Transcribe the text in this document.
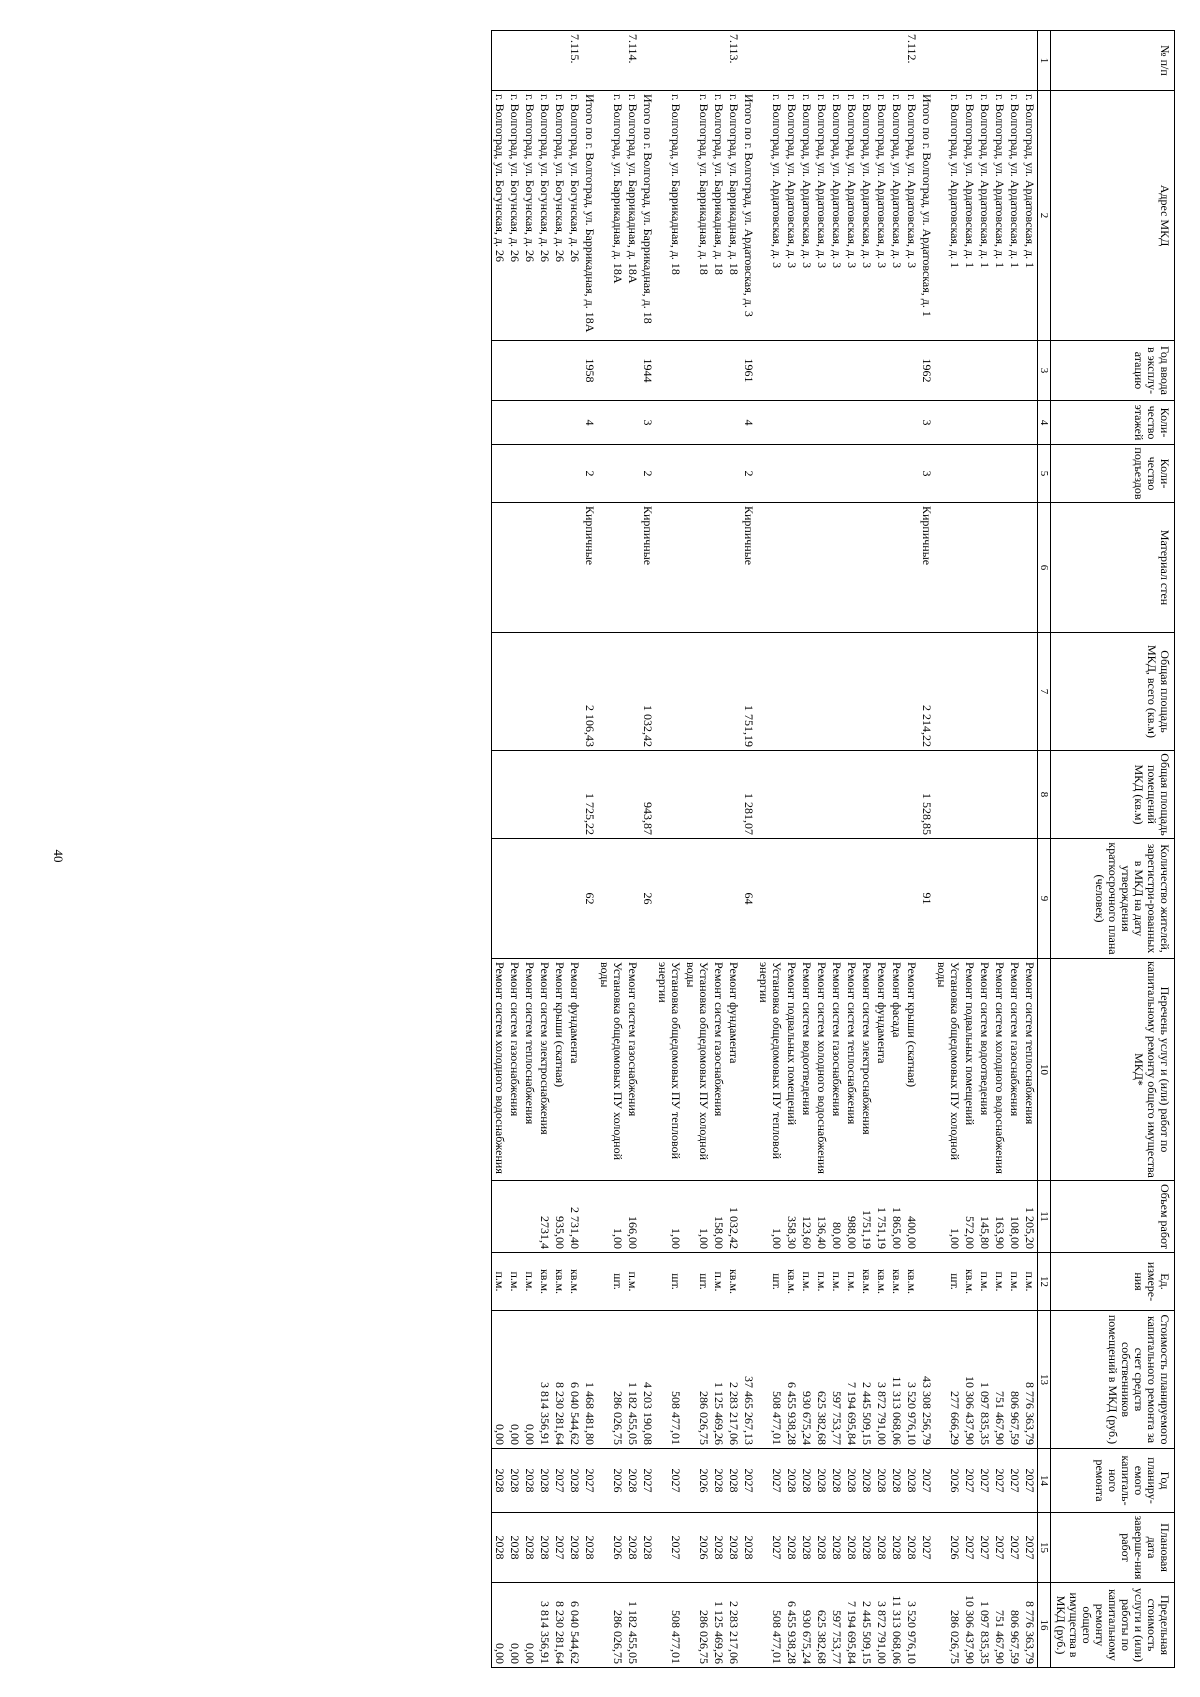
40
№ п/п	Адрес МКД	Год ввода в эксплу-атацию	Коли-чество этажей	Коли-чество подъездов	Материал стен	Общая площадь МКД, всего (кв.м)	Общая площадь помещений МКД (кв.м)	Количество жителей, зарегистри-рованных в МКД на дату утверждения краткосрочного плана (человек)	Перечень услуг и (или) работ по капитальному ремонту общего имущества МКД*	Объем работ	Ед. измере-ния	Стоимость планируемого капитального ремонта за счет средств собственников помещений в МКД (руб.)	Год планиру-емого капиталь-ного ремонта	Плановая дата заверше-ния работ	Предельная стоимость услуги и (или) работы по капитальному ремонту общего имущества в МКД (руб.)
1	2	3	4	5	6	7	8	9	10	11	12	13	14	15	16
	г. Волгоград, ул. Ардатовская, д. 1								Ремонт систем теплоснабжения	1 205,20	п.м.	8 776 363,79	2027	2027	8 776 363,79
	г. Волгоград, ул. Ардатовская, д. 1								Ремонт систем газоснабжения	108,00	п.м.	806 967,59	2027	2027	806 967,59
	г. Волгоград, ул. Ардатовская, д. 1								Ремонт систем холодного водоснабжения	163,90	п.м.	751 467,90	2027	2027	751 467,90
	г. Волгоград, ул. Ардатовская, д. 1								Ремонт систем водоотведения	145,80	п.м.	1 097 835,35	2027	2027	1 097 835,35
	г. Волгоград, ул. Ардатовская, д. 1								Ремонт подвальных помещений	572,00	кв.м.	10 306 437,90	2027	2027	10 306 437,90
	г. Волгоград, ул. Ардатовская, д. 1								Установка общедомовых ПУ холодной воды	1,00	шт.	277 666,29	2026	2026	286 026,75
	Итого по г. Волгоград, ул. Ардатовская, д. 1	1962	3	3	Кирпичные	2 214,22	1 528,85	91				43 308 256,79	2027	2027	
7.112.	г. Волгоград, ул. Ардатовская, д. 3								Ремонт крыши (скатная)	400,00	кв.м.	3 520 976,10	2028	2028	3 520 976,10
	г. Волгоград, ул. Ардатовская, д. 3								Ремонт фасада	1 865,00	кв.м.	11 313 068,06	2028	2028	11 313 068,06
	г. Волгоград, ул. Ардатовская, д. 3								Ремонт фундамента	1 751,19	кв.м.	3 872 791,00	2028	2028	3 872 791,00
	г. Волгоград, ул. Ардатовская, д. 3								Ремонт систем электроснабжения	1751,19	кв.м.	2 445 509,15	2028	2028	2 445 509,15
	г. Волгоград, ул. Ардатовская, д. 3								Ремонт систем теплоснабжения	988,00	п.м.	7 194 695,84	2028	2028	7 194 695,84
	г. Волгоград, ул. Ардатовская, д. 3								Ремонт систем газоснабжения	80,00	п.м.	597 753,77	2028	2028	597 753,77
	г. Волгоград, ул. Ардатовская, д. 3								Ремонт систем холодного водоснабжения	136,40	п.м.	625 382,68	2028	2028	625 382,68
	г. Волгоград, ул. Ардатовская, д. 3								Ремонт систем водоотведения	123,60	п.м.	930 675,24	2028	2028	930 675,24
	г. Волгоград, ул. Ардатовская, д. 3								Ремонт подвальных помещений	358,30	кв.м.	6 455 938,28	2028	2028	6 455 938,28
	г. Волгоград, ул. Ардатовская, д. 3								Установка общедомовых ПУ тепловой энергии	1,00	шт.	508 477,01	2027	2027	508 477,01
	Итого по г. Волгоград, ул. Ардатовская, д. 3	1961	4	2	Кирпичные	1 751,19	1 281,07	64				37 465 267,13	2027	2028	
7.113.	г. Волгоград, ул. Баррикадная, д. 18								Ремонт фундамента	1 032,42	кв.м.	2 283 217,06	2028	2028	2 283 217,06
	г. Волгоград, ул. Баррикадная, д. 18								Ремонт систем газоснабжения	158,00	п.м.	1 125 469,26	2028	2028	1 125 469,26
	г. Волгоград, ул. Баррикадная, д. 18								Установка общедомовых ПУ холодной воды	1,00	шт.	286 026,75	2026	2026	286 026,75
	г. Волгоград, ул. Баррикадная, д. 18								Установка общедомовых ПУ тепловой энергии	1,00	шт.	508 477,01	2027	2027	508 477,01
	Итого по г. Волгоград, ул. Баррикадная, д. 18	1944	3	2	Кирпичные	1 032,42	943,87	26				4 203 190,08	2027	2028	
7.114.	г. Волгоград, ул. Баррикадная, д. 18А								Ремонт систем газоснабжения	166,00	п.м.	1 182 455,05	2028	2028	1 182 455,05
	г. Волгоград, ул. Баррикадная, д. 18А								Установка общедомовых ПУ холодной воды	1,00	шт.	286 026,75	2026	2026	286 026,75
	Итого по г. Волгоград, ул. Баррикадная, д. 18А	1958	4	2	Кирпичные	2 106,43	1 725,22	62				1 468 481,80	2027	2028	
7.115.	г. Волгоград, ул. Богунская, д. 26								Ремонт фундамента	2 731,40	кв.м.	6 040 544,62	2028	2028	6 040 544,62
	г. Волгоград, ул. Богунская, д. 26								Ремонт крыши (скатная)	935,00	кв.м.	8 230 281,64	2027	2027	8 230 281,64
	г. Волгоград, ул. Богунская, д. 26								Ремонт систем электроснабжения	2731,4	кв.м.	3 814 356,91	2028	2028	3 814 356,91
	г. Волгоград, ул. Богунская, д. 26								Ремонт систем теплоснабжения		п.м.	0,00	2028	2028	0,00
	г. Волгоград, ул. Богунская, д. 26								Ремонт систем газоснабжения		п.м.	0,00	2028	2028	0,00
	г. Волгоград, ул. Богунская, д. 26								Ремонт систем холодного водоснабжения		п.м.	0,00	2028	2028	0,00
